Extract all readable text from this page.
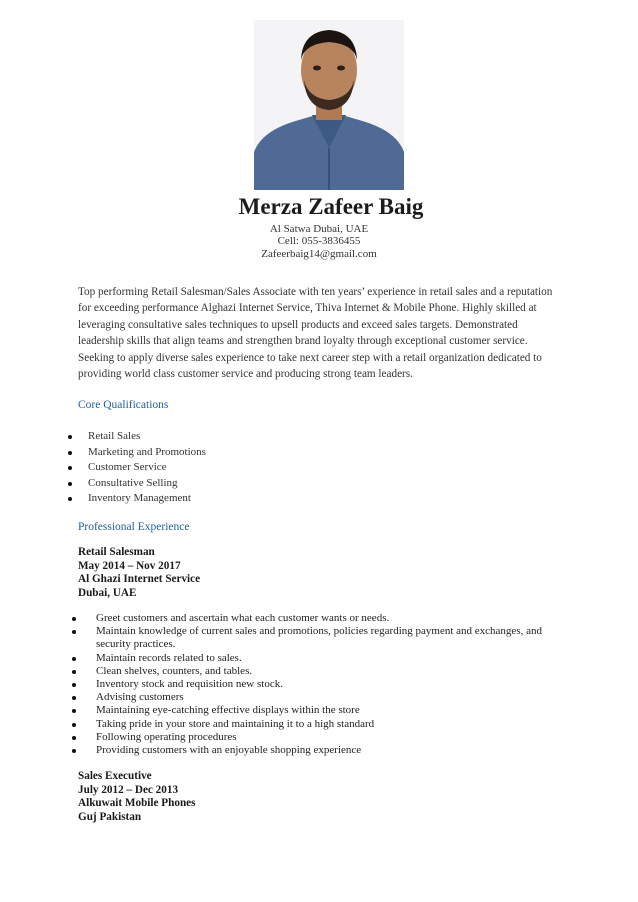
Merza Zafeer Baig
Al Satwa Dubai, UAE
Cell: 055-3836455
Zafeerbaig14@gmail.com
Top performing Retail Salesman/Sales Associate with ten years’ experience in retail sales and a reputation
for exceeding performance Alghazi Internet Service, Thiva Internet & Mobile Phone. Highly skilled at
leveraging consultative sales techniques to upsell products and exceed sales targets. Demonstrated
leadership skills that align teams and strengthen brand loyalty through exceptional customer service.
Seeking to apply diverse sales experience to take next career step with a retail organization dedicated to
providing world class customer service and producing strong team leaders.
Core Qualifications
Retail Sales
Marketing and Promotions
Customer Service
Consultative Selling
Inventory Management
Professional Experience
Retail Salesman
May 2014 – Nov 2017
Al Ghazi Internet Service
Dubai, UAE
Greet customers and ascertain what each customer wants or needs.
Maintain knowledge of current sales and promotions, policies regarding payment and exchanges, and security practices.
Maintain records related to sales.
Clean shelves, counters, and tables.
Inventory stock and requisition new stock.
Advising customers
Maintaining eye-catching effective displays within the store
Taking pride in your store and maintaining it to a high standard
Following operating procedures
Providing customers with an enjoyable shopping experience
Sales Executive
July 2012 – Dec 2013
Alkuwait Mobile Phones
Guj Pakistan
